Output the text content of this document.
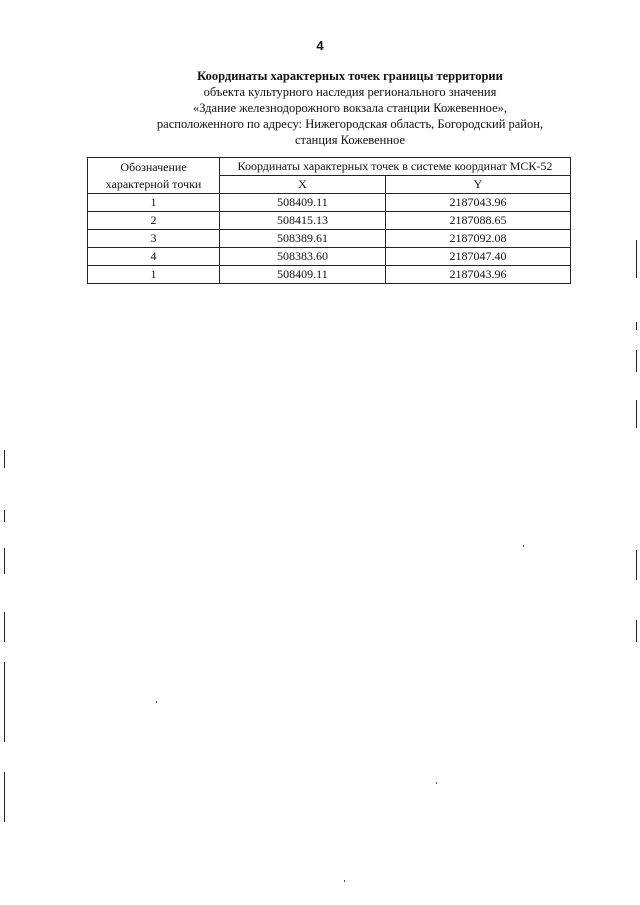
4
Координаты характерных точек границы территории
объекта культурного наследия регионального значения
«Здание железнодорожного вокзала станции Кожевенное»,
расположенного по адресу: Нижегородская область, Богородский район,
станция Кожевенное
Обозначение характерной точки	Координаты характерных точек в системе координат МСК-52	
	X	Y
1	508409.11	2187043.96
2	508415.13	2187088.65
3	508389.61	2187092.08
4	508383.60	2187047.40
1	508409.11	2187043.96
